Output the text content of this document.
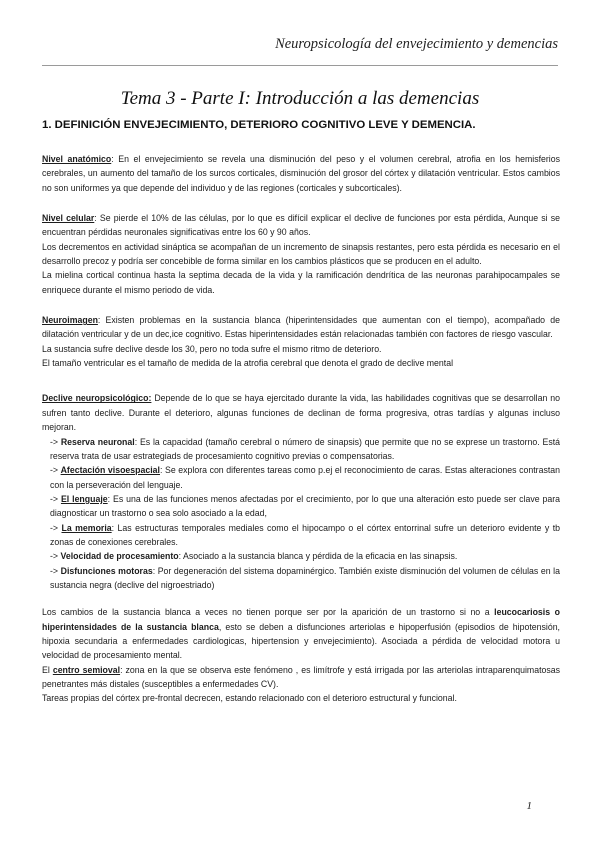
Neuropsicología del envejecimiento y demencias
Tema 3 - Parte I: Introducción a las demencias
1. DEFINICIÓN ENVEJECIMIENTO, DETERIORO COGNITIVO LEVE Y DEMENCIA.

Nivel anatómico: En el envejecimiento se revela una disminución del peso y el volumen cerebral, atrofia en los hemisferios cerebrales, un aumento del tamaño de los surcos corticales, disminución del grosor del córtex y dilatación ventricular. Estos cambios no son uniformes ya que depende del individuo y de las regiones (corticales y subcorticales).

Nivel celular: Se pierde el 10% de las células, por lo que es difícil explicar el declive de funciones por esta pérdida, Aunque si se encuentran pérdidas neuronales significativas entre los 60 y 90 años.

Los decrementos en actividad sináptica se acompañan de un incremento de sinapsis restantes, pero esta pérdida es necesario en el desarrollo precoz y podría ser concebible de forma similar en los cambios plásticos que se producen en el adulto.

La mielina cortical continua hasta la septima decada de la vida y la ramificación dendrítica de las neuronas parahipocampales se enriquece durante el mismo periodo de vida.

Neuroimagen: Existen problemas en la sustancia blanca (hiperintensidades que aumentan con el tiempo), acompañado de dilatación ventricular y de un dec,ice cognitivo. Estas hiperintensidades están relacionadas también con factores de riesgo vascular.

La sustancia sufre declive desde los 30, pero no toda sufre el mismo ritmo de deterioro.

El tamaño ventricular es el tamaño de medida de la atrofia cerebral que denota el grado de declive mental

Declive neuropsicológico: Depende de lo que se haya ejercitado durante la vida, las habilidades cognitivas que se desarrollan no sufren tanto declive. Durante el deterioro, algunas funciones de declinan de forma progresiva, otras tardías y algunas incluso mejoran.

-> Reserva neuronal: Es la capacidad (tamaño cerebral o número de sinapsis) que permite que no se exprese un trastorno. Está reserva trata de usar estrategiads de procesamiento cognitivo previas o compensatorias.

-> Afectación visoespacial: Se explora con diferentes tareas como p.ej el reconocimiento de caras. Estas alteraciones contrastan con la perseveración del lenguaje.

-> El lenguaje: Es una de las funciones menos afectadas por el crecimiento, por lo que una alteración esto puede ser clave para diagnosticar un trastorno o sea solo asociado a la edad,

-> La memoria: Las estructuras temporales mediales como el hipocampo o el córtex entorrinal sufre un deterioro evidente y tb zonas de conexiones cerebrales.

-> Velocidad de procesamiento: Asociado a la sustancia blanca y pérdida de la eficacia en las sinapsis.

-> Disfunciones motoras: Por degeneración del sistema dopaminérgico. También existe disminución del volumen de células en la sustancia negra (declive del nigroestriado)

Los cambios de la sustancia blanca a veces no tienen porque ser por la aparición de un trastorno si no a leucocariosis o hiperintensidades de la sustancia blanca, esto se deben a disfunciones arteriolas e hipoperfusión (episodios de hipotensión, hipoxia secundaria a enfermedades cardiologicas, hipertension y envejecimiento). Asociada a pérdida de velocidad motora u velocidad de procesamiento mental.

El centro semioval: zona en la que se observa este fenómeno , es limítrofe y está irrigada por las arteriolas intraparenquimatosas penetrantes más distales (susceptibles a enfermedades CV).

Tareas propias del córtex pre-frontal decrecen, estando relacionado con el deterioro estructural y funcional.

1
